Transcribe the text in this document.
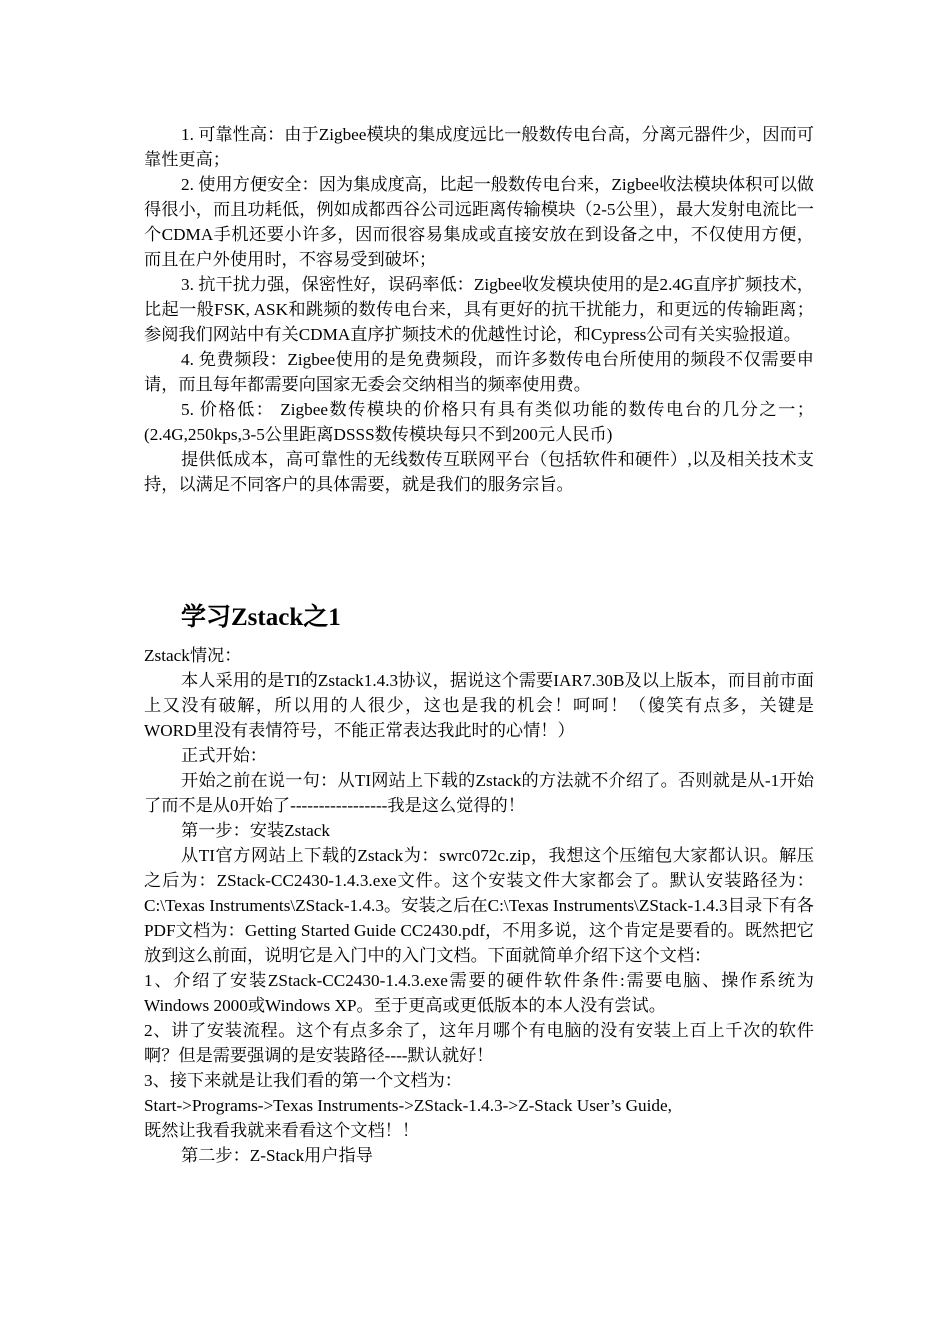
1. 可靠性高：由于Zigbee模块的集成度远比一般数传电台高，分离元器件少，因而可靠性更高；

2. 使用方便安全：因为集成度高，比起一般数传电台来，Zigbee收法模块体积可以做得很小，而且功耗低，例如成都西谷公司远距离传输模块（2-5公里），最大发射电流比一个CDMA手机还要小许多，因而很容易集成或直接安放在到设备之中，不仅使用方便，而且在户外使用时，不容易受到破坏；

3. 抗干扰力强，保密性好，误码率低：Zigbee收发模块使用的是2.4G直序扩频技术，比起一般FSK, ASK和跳频的数传电台来，具有更好的抗干扰能力，和更远的传输距离；参阅我们网站中有关CDMA直序扩频技术的优越性讨论，和Cypress公司有关实验报道。

4. 免费频段：Zigbee使用的是免费频段，而许多数传电台所使用的频段不仅需要申请，而且每年都需要向国家无委会交纳相当的频率使用费。

5. 价格低： Zigbee数传模块的价格只有具有类似功能的数传电台的几分之一；(2.4G,250kps,3-5公里距离DSSS数传模块每只不到200元人民币)

提供低成本，高可靠性的无线数传互联网平台（包括软件和硬件）,以及相关技术支持，以满足不同客户的具体需要，就是我们的服务宗旨。

学习Zstack之1

Zstack情况：

本人采用的是TI的Zstack1.4.3协议，据说这个需要IAR7.30B及以上版本，而目前市面上又没有破解，所以用的人很少，这也是我的机会！呵呵！（傻笑有点多，关键是WORD里没有表情符号，不能正常表达我此时的心情！）

正式开始：

开始之前在说一句：从TI网站上下载的Zstack的方法就不介绍了。否则就是从-1开始了而不是从0开始了-----------------我是这么觉得的！

第一步：安装Zstack

从TI官方网站上下载的Zstack为：swrc072c.zip，我想这个压缩包大家都认识。解压之后为：ZStack-CC2430-1.4.3.exe文件。这个安装文件大家都会了。默认安装路径为：C:\Texas Instruments\ZStack-1.4.3。安装之后在C:\Texas Instruments\ZStack-1.4.3目录下有各PDF文档为：Getting Started Guide CC2430.pdf，不用多说，这个肯定是要看的。既然把它放到这么前面，说明它是入门中的入门文档。下面就简单介绍下这个文档：

1、介绍了安装ZStack-CC2430-1.4.3.exe需要的硬件软件条件:需要电脑、操作系统为Windows 2000或Windows XP。至于更高或更低版本的本人没有尝试。

2、讲了安装流程。这个有点多余了，这年月哪个有电脑的没有安装上百上千次的软件啊？但是需要强调的是安装路径----默认就好！

3、接下来就是让我们看的第一个文档为：

Start->Programs->Texas Instruments->ZStack-1.4.3->Z-Stack User’s Guide,

既然让我看我就来看看这个文档！！

第二步：Z-Stack用户指导
